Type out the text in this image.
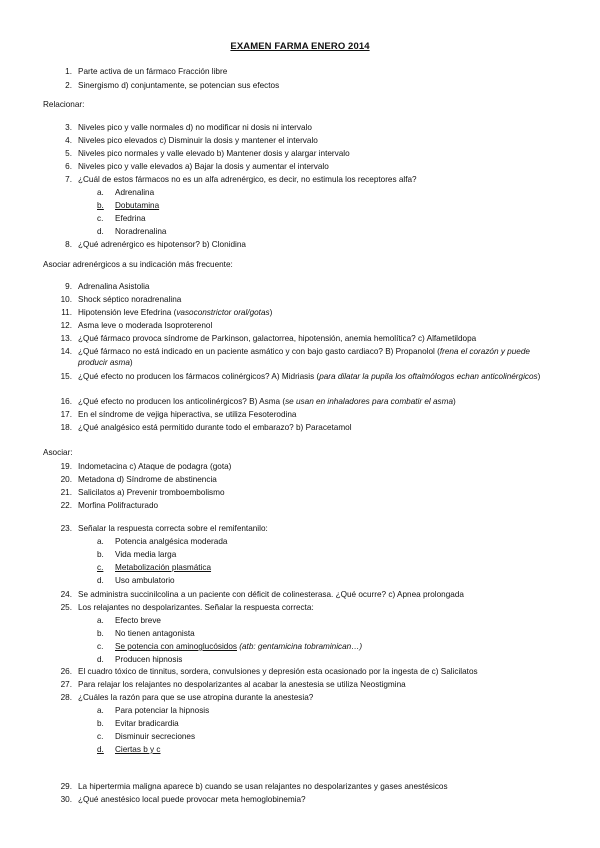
EXAMEN FARMA ENERO 2014
1. Parte activa de un fármaco Fracción libre
2. Sinergismo d) conjuntamente, se potencian sus efectos
Relacionar:
3. Niveles pico y valle normales d) no modificar ni dosis ni intervalo
4. Niveles pico elevados c) Disminuir la dosis y mantener el intervalo
5. Niveles pico normales y valle elevado b) Mantener dosis y alargar intervalo
6. Niveles pico y valle elevados a) Bajar la dosis y aumentar el intervalo
7. ¿Cuál de estos fármacos no es un alfa adrenérgico, es decir, no estimula los receptores alfa?
a. Adrenalina
b. Dobutamina
c. Efedrina
d. Noradrenalina
8. ¿Qué adrenérgico es hipotensor? b) Clonidina
Asociar adrenérgicos a su indicación más frecuente:
9. Adrenalina Asistolia
10. Shock séptico noradrenalina
11. Hipotensión leve Efedrina (vasoconstrictor oral/gotas)
12. Asma leve o moderada Isoproterenol
13. ¿Qué fármaco provoca síndrome de Parkinson, galactorrea, hipotensión, anemia hemolítica? c) Alfametildopa
14. ¿Qué fármaco no está indicado en un paciente asmático y con bajo gasto cardiaco? B) Propanolol (frena el corazón y puede producir asma)
15. ¿Qué efecto no producen los fármacos colinérgicos? A) Midriasis (para dilatar la pupila los oftalmólogos echan anticolinérgicos)
16. ¿Qué efecto no producen los anticolinérgicos? B) Asma (se usan en inhaladores para combatir el asma)
17. En el síndrome de vejiga hiperactiva, se utiliza Fesoterodina
18. ¿Qué analgésico está permitido durante todo el embarazo? b) Paracetamol
Asociar:
19. Indometacina c) Ataque de podagra (gota)
20. Metadona d) Síndrome de abstinencia
21. Salicilatos a) Prevenir tromboembolismo
22. Morfina Polifracturado
23. Señalar la respuesta correcta sobre el remifentanilo:
a. Potencia analgésica moderada
b. Vida media larga
c. Metabolización plasmática
d. Uso ambulatorio
24. Se administra succinilcolina a un paciente con déficit de colinesterasa. ¿Qué ocurre? c) Apnea prolongada
25. Los relajantes no despolarizantes. Señalar la respuesta correcta:
a. Efecto breve
b. No tienen antagonista
c. Se potencia con aminoglucósidos (atb: gentamicina tobraminican…)
d. Producen hipnosis
26. El cuadro tóxico de tinnitus, sordera, convulsiones y depresión esta ocasionado por la ingesta de c) Salicilatos
27. Para relajar los relajantes no despolarizantes al acabar la anestesia se utiliza Neostigmina
28. ¿Cuáles la razón para que se use atropina durante la anestesia?
a. Para potenciar la hipnosis
b. Evitar bradicardia
c. Disminuir secreciones
d. Ciertas b y c
29. La hipertermia maligna aparece b) cuando se usan relajantes no despolarizantes y gases anestésicos
30. ¿Qué anestésico local puede provocar meta hemoglobinemia?
